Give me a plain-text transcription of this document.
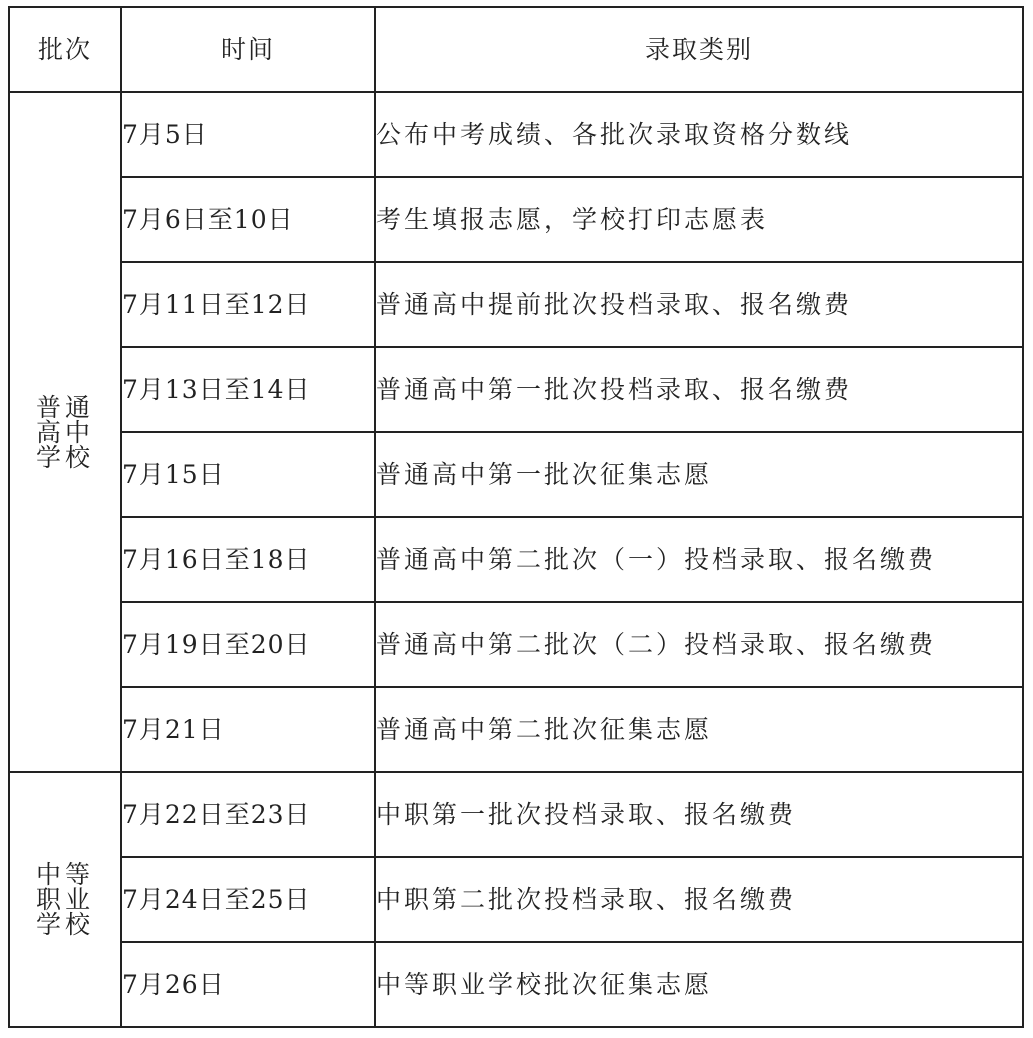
批次	时间	录取类别

普通
高中
学校	7月5日	公布中考成绩、各批次录取资格分数线
	7月6日至10日	考生填报志愿，学校打印志愿表
	7月11日至12日	普通高中提前批次投档录取、报名缴费
	7月13日至14日	普通高中第一批次投档录取、报名缴费
	7月15日	普通高中第一批次征集志愿
	7月16日至18日	普通高中第二批次（一）投档录取、报名缴费
	7月19日至20日	普通高中第二批次（二）投档录取、报名缴费
	7月21日	普通高中第二批次征集志愿

中等
职业
学校	7月22日至23日	中职第一批次投档录取、报名缴费
	7月24日至25日	中职第二批次投档录取、报名缴费
	7月26日	中等职业学校批次征集志愿
